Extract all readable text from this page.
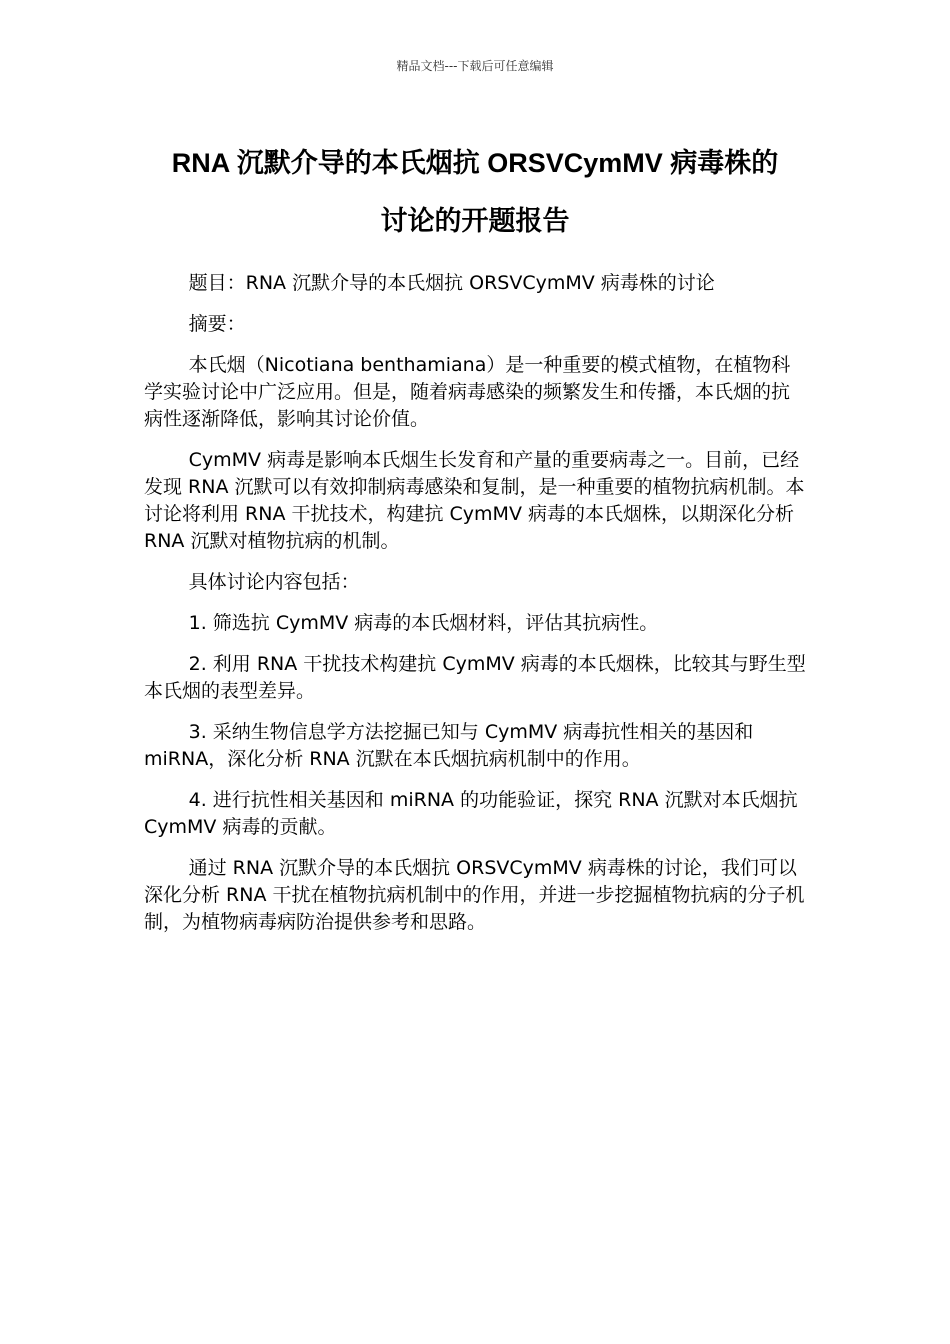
精品文档---下载后可任意编辑
RNA 沉默介导的本氏烟抗 ORSVCymMV 病毒株的
讨论的开题报告

题目：RNA 沉默介导的本氏烟抗 ORSVCymMV 病毒株的讨论

摘要：

本氏烟（Nicotiana benthamiana）是一种重要的模式植物，在植物科学实验讨论中广泛应用。但是，随着病毒感染的频繁发生和传播，本氏烟的抗病性逐渐降低，影响其讨论价值。

CymMV 病毒是影响本氏烟生长发育和产量的重要病毒之一。目前，已经发现 RNA 沉默可以有效抑制病毒感染和复制，是一种重要的植物抗病机制。本讨论将利用 RNA 干扰技术，构建抗 CymMV 病毒的本氏烟株，以期深化分析 RNA 沉默对植物抗病的机制。

具体讨论内容包括：

1. 筛选抗 CymMV 病毒的本氏烟材料，评估其抗病性。

2. 利用 RNA 干扰技术构建抗 CymMV 病毒的本氏烟株，比较其与野生型本氏烟的表型差异。

3. 采纳生物信息学方法挖掘已知与 CymMV 病毒抗性相关的基因和 miRNA，深化分析 RNA 沉默在本氏烟抗病机制中的作用。

4. 进行抗性相关基因和 miRNA 的功能验证，探究 RNA 沉默对本氏烟抗 CymMV 病毒的贡献。

通过 RNA 沉默介导的本氏烟抗 ORSVCymMV 病毒株的讨论，我们可以深化分析 RNA 干扰在植物抗病机制中的作用，并进一步挖掘植物抗病的分子机制，为植物病毒病防治提供参考和思路。
